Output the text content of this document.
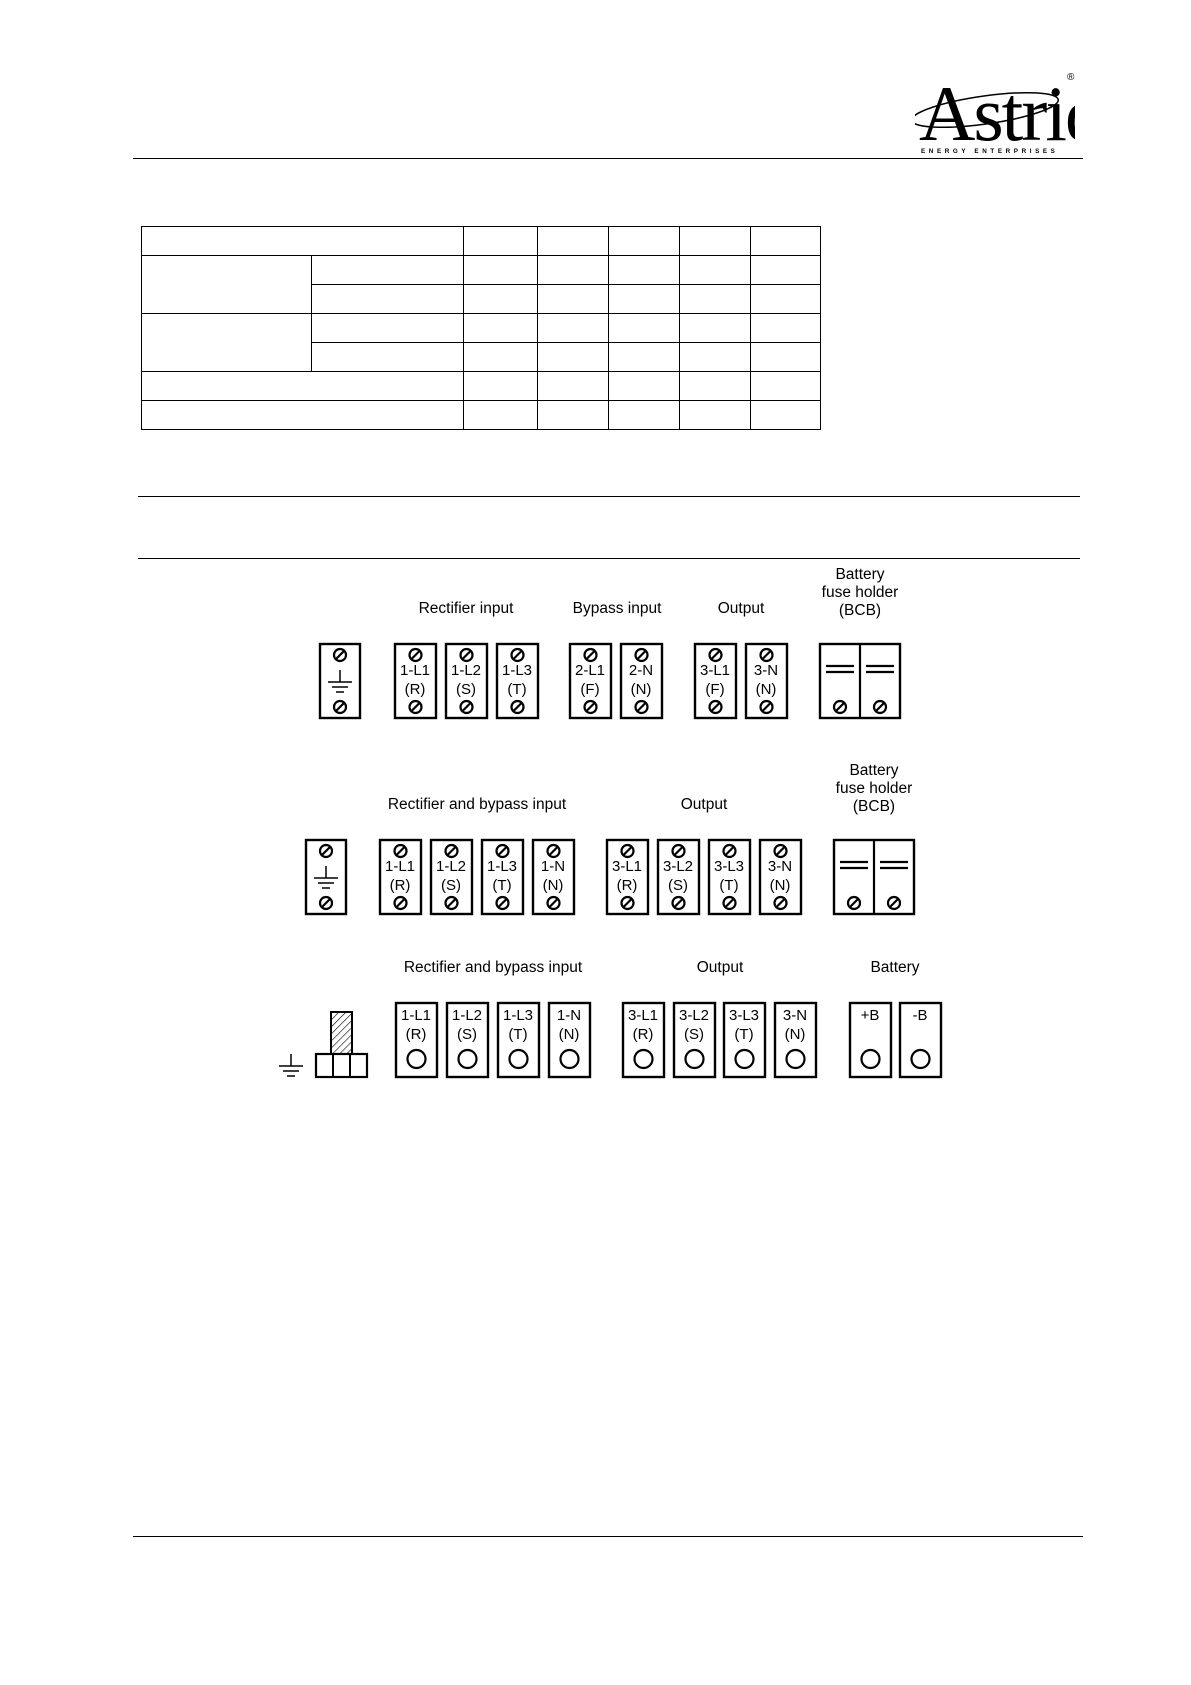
Astri ®
ENERGY ENTERPRISES

Rectifier input	Bypass input	Output
Battery
fuse holder
(BCB)
1-L1
(R)
1-L2
(S)
1-L3
(T)
2-L1
(F)
2-N
(N)
3-L1
(F)
3-N
(N)
Rectifier and bypass input	Output
Battery
fuse holder
(BCB)
1-L1
(R)
1-L2
(S)
1-L3
(T)
1-N
(N)
3-L1
(R)
3-L2
(S)
3-L3
(T)
3-N
(N)
Rectifier and bypass input	Output	Battery
1-L1
(R)
1-L2
(S)
1-L3
(T)
1-N
(N)
3-L1
(R)
3-L2
(S)
3-L3
(T)
3-N
(N)
+B -B
